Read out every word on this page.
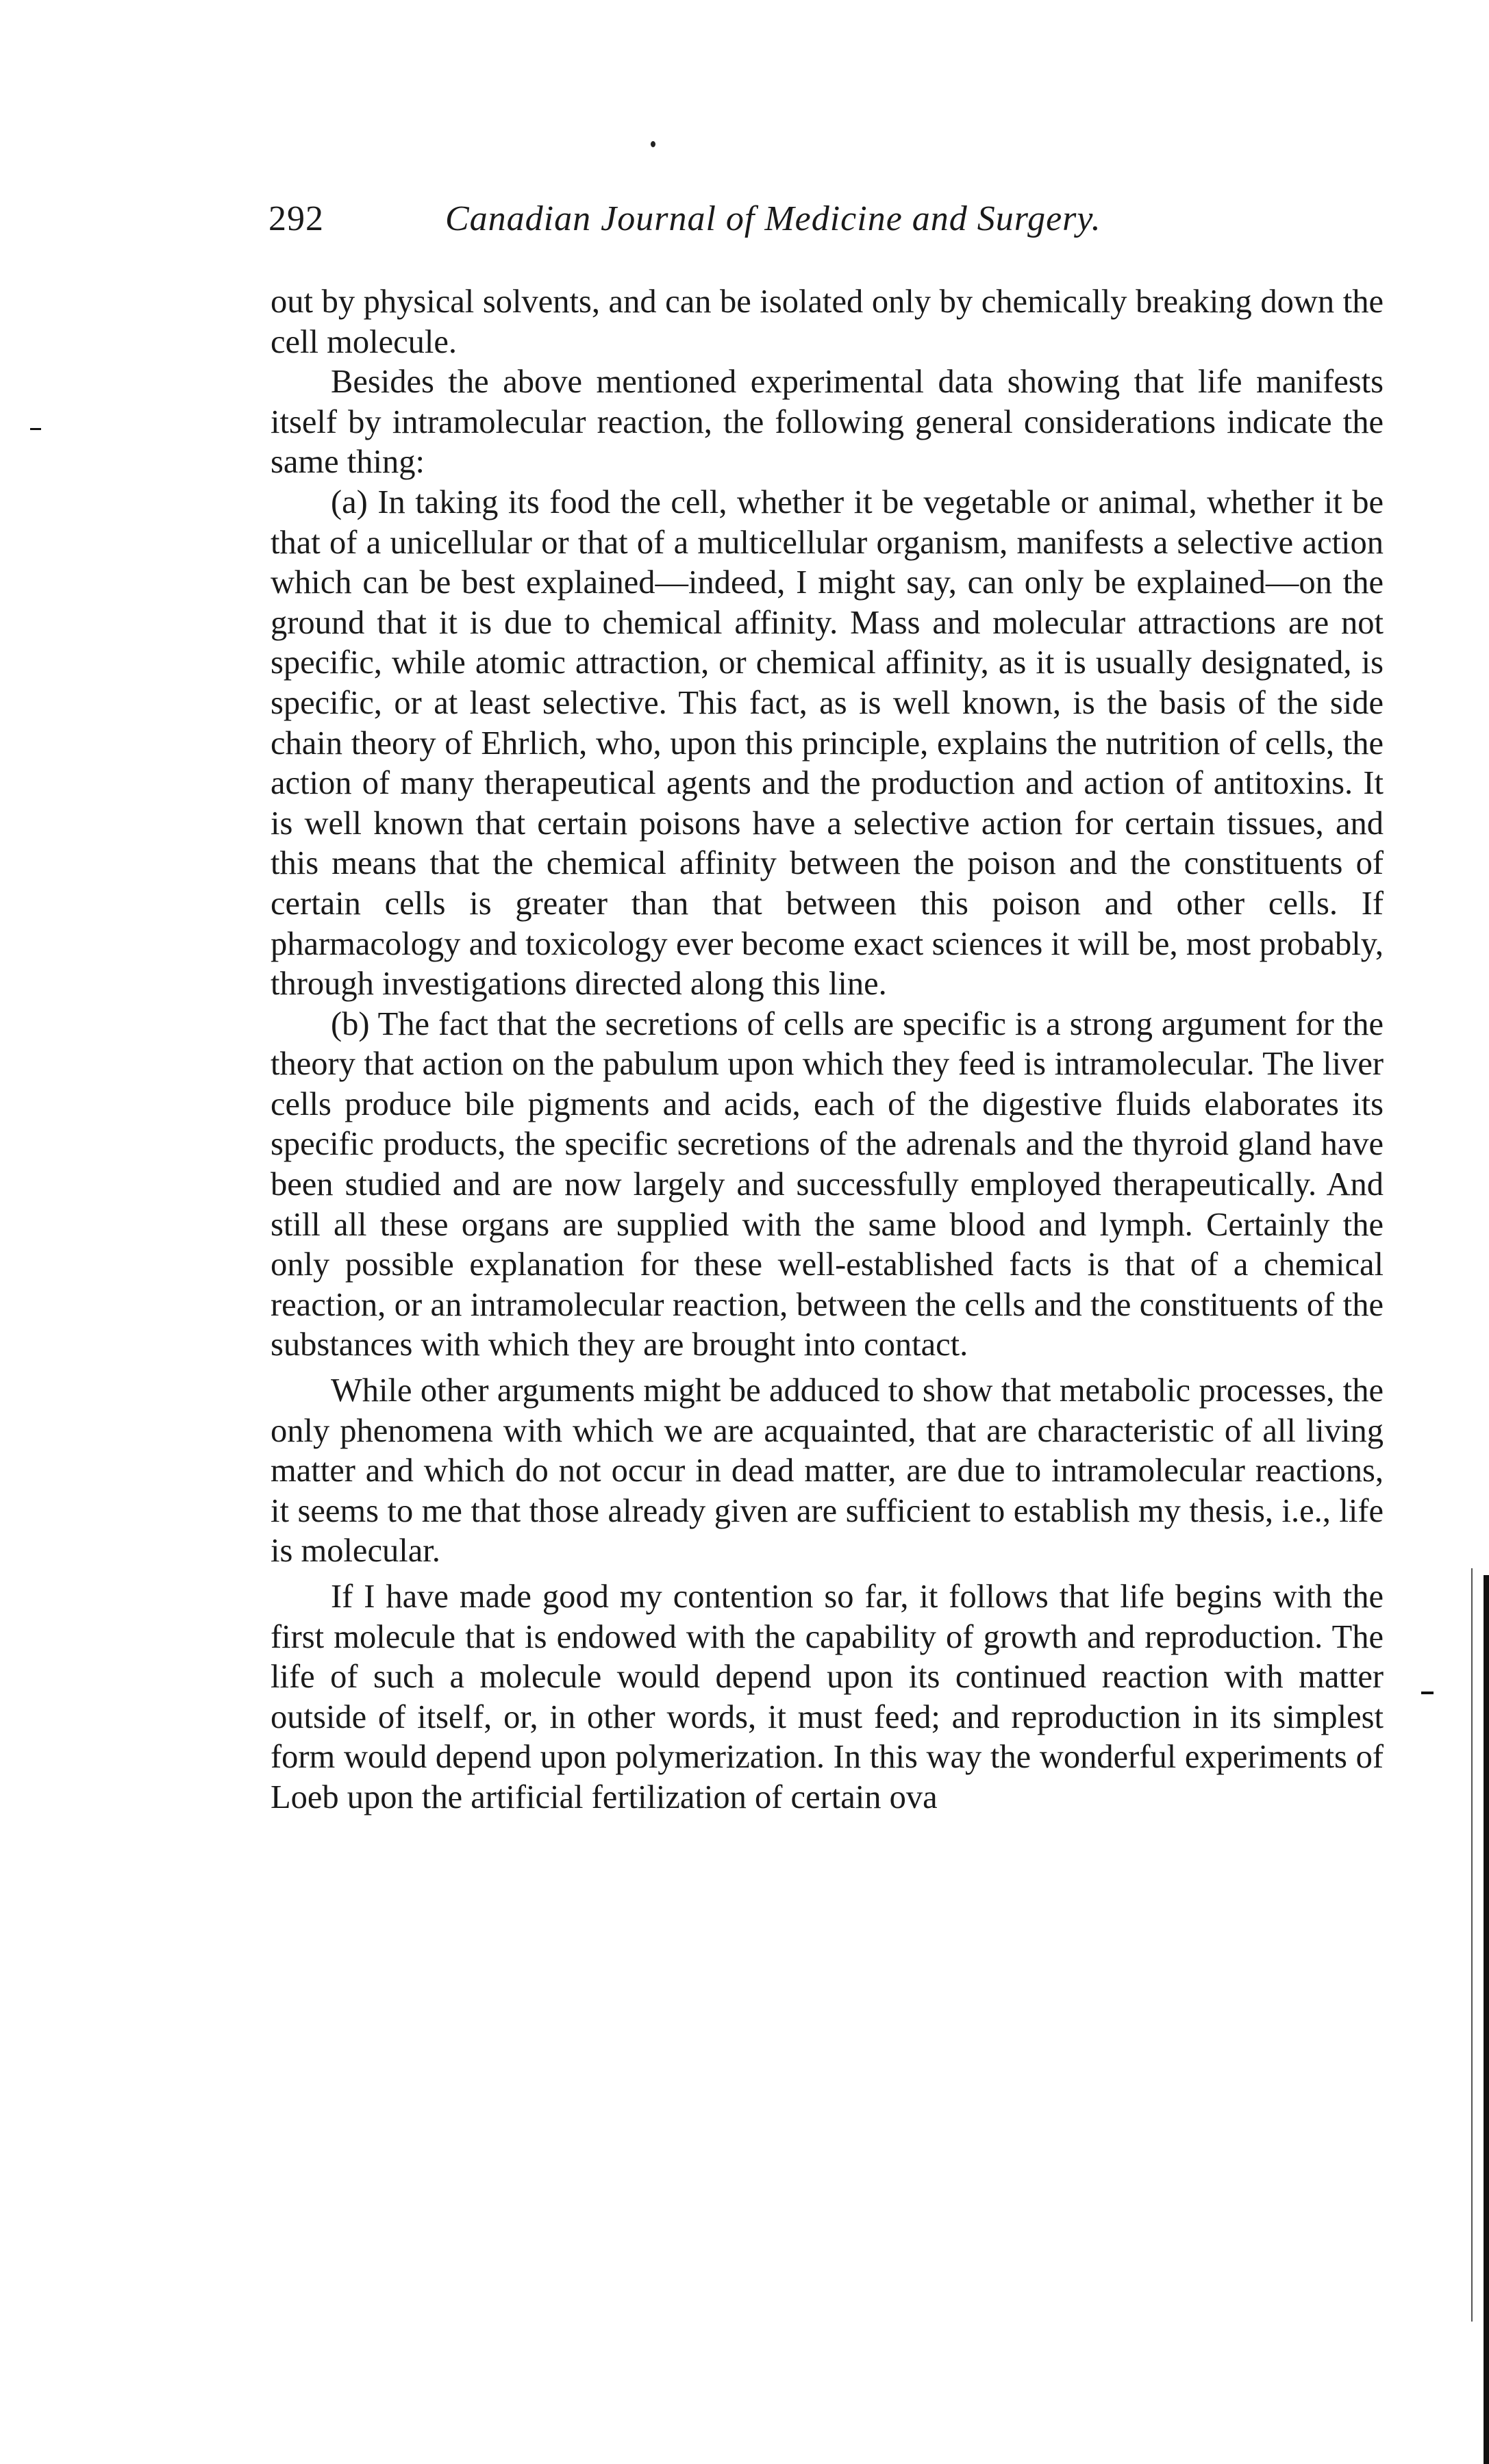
292	Canadian Journal of Medicine and Surgery.

out by physical solvents, and can be isolated only by chemically breaking down the cell molecule.

Besides the above mentioned experimental data showing that life manifests itself by intramolecular reaction, the following general considerations indicate the same thing:

(a) In taking its food the cell, whether it be vegetable or animal, whether it be that of a unicellular or that of a multicellular organism, manifests a selective action which can be best explained—indeed, I might say, can only be explained—on the ground that it is due to chemical affinity. Mass and molecular attractions are not specific, while atomic attraction, or chemical affinity, as it is usually designated, is specific, or at least selective. This fact, as is well known, is the basis of the side chain theory of Ehrlich, who, upon this principle, explains the nutrition of cells, the action of many therapeutical agents and the production and action of antitoxins. It is well known that certain poisons have a selective action for certain tissues, and this means that the chemical affinity between the poison and the constituents of certain cells is greater than that between this poison and other cells. If pharmacology and toxicology ever become exact sciences it will be, most probably, through investigations directed along this line.

(b) The fact that the secretions of cells are specific is a strong argument for the theory that action on the pabulum upon which they feed is intramolecular. The liver cells produce bile pigments and acids, each of the digestive fluids elaborates its specific products, the specific secretions of the adrenals and the thyroid gland have been studied and are now largely and successfully employed therapeutically. And still all these organs are supplied with the same blood and lymph. Certainly the only possible explanation for these well-established facts is that of a chemical reaction, or an intramolecular reaction, between the cells and the constituents of the substances with which they are brought into contact.

While other arguments might be adduced to show that metabolic processes, the only phenomena with which we are acquainted, that are characteristic of all living matter and which do not occur in dead matter, are due to intramolecular reactions, it seems to me that those already given are sufficient to establish my thesis, i.e., life is molecular.

If I have made good my contention so far, it follows that life begins with the first molecule that is endowed with the capability of growth and reproduction. The life of such a molecule would depend upon its continued reaction with matter outside of itself, or, in other words, it must feed; and reproduction in its simplest form would depend upon polymerization. In this way the wonderful experiments of Loeb upon the artificial fertilization of certain ova
